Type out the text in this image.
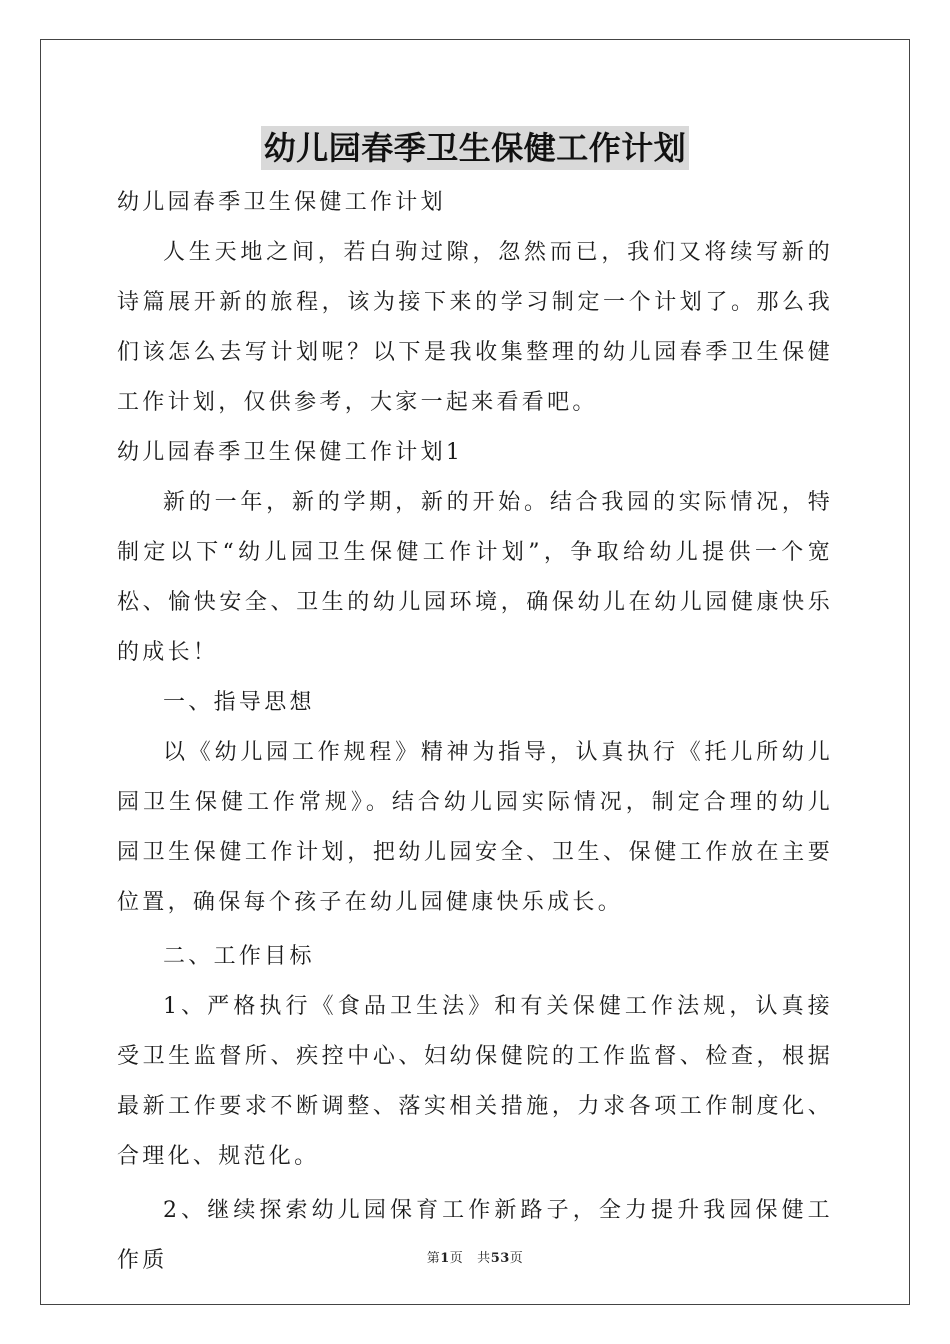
幼儿园春季卫生保健工作计划

幼儿园春季卫生保健工作计划

人生天地之间，若白驹过隙，忽然而已，我们又将续写新的诗篇展开新的旅程，该为接下来的学习制定一个计划了。那么我们该怎么去写计划呢？以下是我收集整理的幼儿园春季卫生保健工作计划，仅供参考，大家一起来看看吧。

幼儿园春季卫生保健工作计划1

新的一年，新的学期，新的开始。结合我园的实际情况，特制定以下“幼儿园卫生保健工作计划”，争取给幼儿提供一个宽松、愉快安全、卫生的幼儿园环境，确保幼儿在幼儿园健康快乐的成长！

一、指导思想

以《幼儿园工作规程》精神为指导，认真执行《托儿所幼儿园卫生保健工作常规》。结合幼儿园实际情况，制定合理的幼儿园卫生保健工作计划，把幼儿园安全、卫生、保健工作放在主要位置，确保每个孩子在幼儿园健康快乐成长。

二、工作目标

1、严格执行《食品卫生法》和有关保健工作法规，认真接受卫生监督所、疾控中心、妇幼保健院的工作监督、检查，根据最新工作要求不断调整、落实相关措施，力求各项工作制度化、合理化、规范化。

2、继续探索幼儿园保育工作新路子，全力提升我园保健工作质	第1页 共53页
